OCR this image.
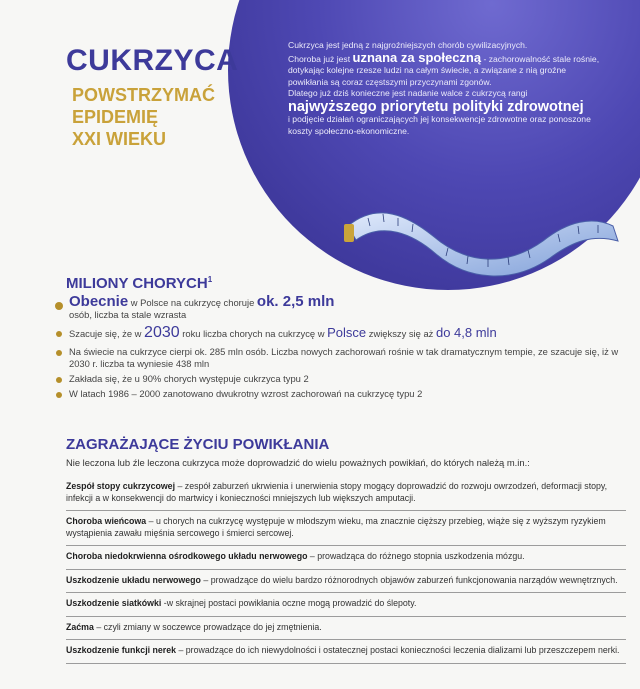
CUKRZYCA
POWSTRZYMAĆ
EPIDEMIĘ
XXI WIEKU

Cukrzyca jest jedną z najgroźniejszych chorób cywilizacyjnych.

Choroba już jest uznana za społeczną - zachorowalność stale rośnie, dotykając kolejne rzesze ludzi na całym świecie, a związane z nią groźne powikłania są coraz częstszymi przyczynami zgonów.

Dlatego już dziś konieczne jest nadanie walce z cukrzycą rangi
najwyższego priorytetu polityki zdrowotnej
i podjęcie działań ograniczających jej konsekwencje zdrowotne oraz ponoszone koszty społeczno-ekonomiczne.

MILIONY CHORYCH$^1$
Obecnie w Polsce na cukrzycę choruje ok. 2,5 mln
osób, liczba ta stale wzrasta
Szacuje się, że w 2030 roku liczba chorych na cukrzycę w Polsce zwiększy się aż do 4,8 mln
Na świecie na cukrzyce cierpi ok. 285 mln osób. Liczba nowych zachorowań rośnie w tak dramatycznym tempie, ze szacuje się, iż w 2030 r. liczba ta wyniesie 438 mln
Zakłada się, że u 90% chorych występuje cukrzyca typu 2
W latach 1986 – 2000 zanotowano dwukrotny wzrost zachorowań na cukrzycę typu 2
ZAGRAŻAJĄCE ŻYCIU POWIKŁANIA
Nie leczona lub źle leczona cukrzyca może doprowadzić do wielu poważnych powikłań, do których należą m.in.:
Zespół stopy cukrzycowej – zespół zaburzeń ukrwienia i unerwienia stopy mogący doprowadzić do rozwoju owrzodzeń, deformacji stopy, infekcji a w konsekwencji do martwicy i konieczności mniejszych lub większych amputacji.
Choroba wieńcowa – u chorych na cukrzycę występuje w młodszym wieku, ma znacznie cięższy przebieg, wiąże się z wyższym ryzykiem wystąpienia zawału mięśnia sercowego i śmierci sercowej.
Choroba niedokrwienna ośrodkowego układu nerwowego – prowadząca do różnego stopnia uszkodzenia mózgu.
Uszkodzenie układu nerwowego – prowadzące do wielu bardzo różnorodnych objawów zaburzeń funkcjonowania narządów wewnętrznych.
Uszkodzenie siatkówki -w skrajnej postaci powikłania oczne mogą prowadzić do ślepoty.
Zaćma – czyli zmiany w soczewce prowadzące do jej zmętnienia.
Uszkodzenie funkcji nerek – prowadzące do ich niewydolności i ostatecznej postaci konieczności leczenia dializami lub przeszczepem nerki.
